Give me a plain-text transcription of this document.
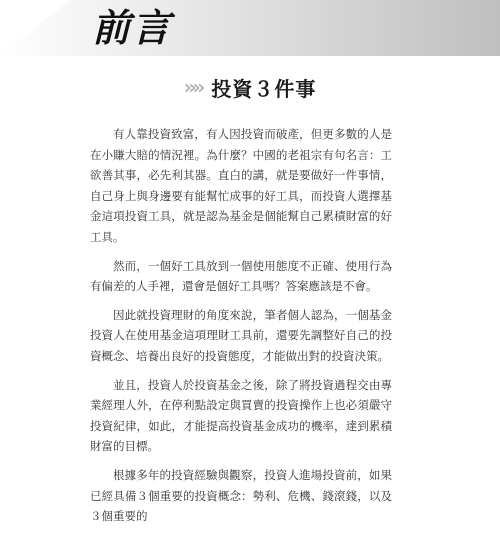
前言
»» 投資３件事

有人靠投資致富，有人因投資而破產，但更多數的人是在小賺大賠的情況裡。為什麼？中國的老祖宗有句名言：工欲善其事，必先利其器。直白的講，就是要做好一件事情，自己身上與身邊要有能幫忙成事的好工具，而投資人選擇基金這項投資工具，就是認為基金是個能幫自己累積財富的好工具。

然而，一個好工具放到一個使用態度不正確、使用行為有偏差的人手裡，還會是個好工具嗎？答案應該是不會。

因此就投資理財的角度來說，筆者個人認為，一個基金投資人在使用基金這項理財工具前，還要先調整好自己的投資概念、培養出良好的投資態度，才能做出對的投資決策。

並且，投資人於投資基金之後，除了將投資過程交由專業經理人外，在停利點設定與買賣的投資操作上也必須嚴守投資紀律，如此，才能提高投資基金成功的機率，達到累積財富的目標。

根據多年的投資經驗與觀察，投資人進場投資前，如果已經具備３個重要的投資概念：勢利、危機、錢滾錢，以及３個重要的
